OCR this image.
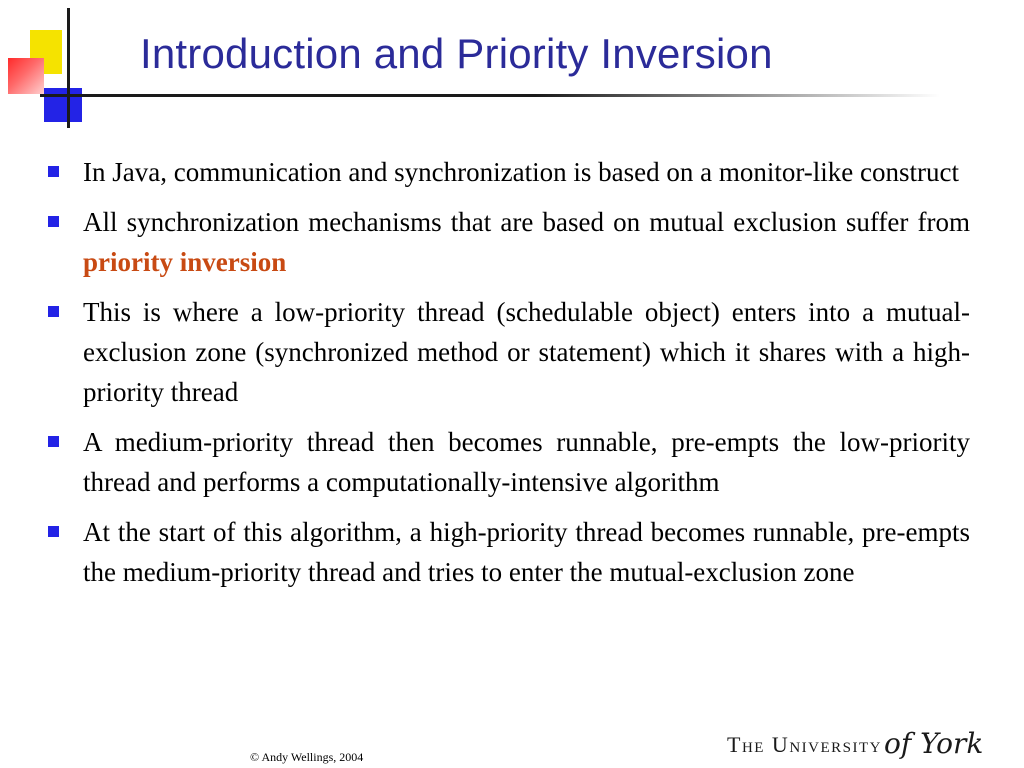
Introduction and Priority Inversion
In Java, communication and synchronization is based on a monitor-like construct
All synchronization mechanisms that are based on mutual exclusion suffer from priority inversion
This is where a low-priority thread (schedulable object) enters into a mutual-exclusion zone (synchronized method or statement) which it shares with a high-priority thread
A medium-priority thread then becomes runnable, pre-empts the low-priority thread and performs a computationally-intensive algorithm
At the start of this algorithm, a high-priority thread becomes runnable, pre-empts the medium-priority thread and tries to enter the mutual-exclusion zone
© Andy Wellings, 2004	The University of York
